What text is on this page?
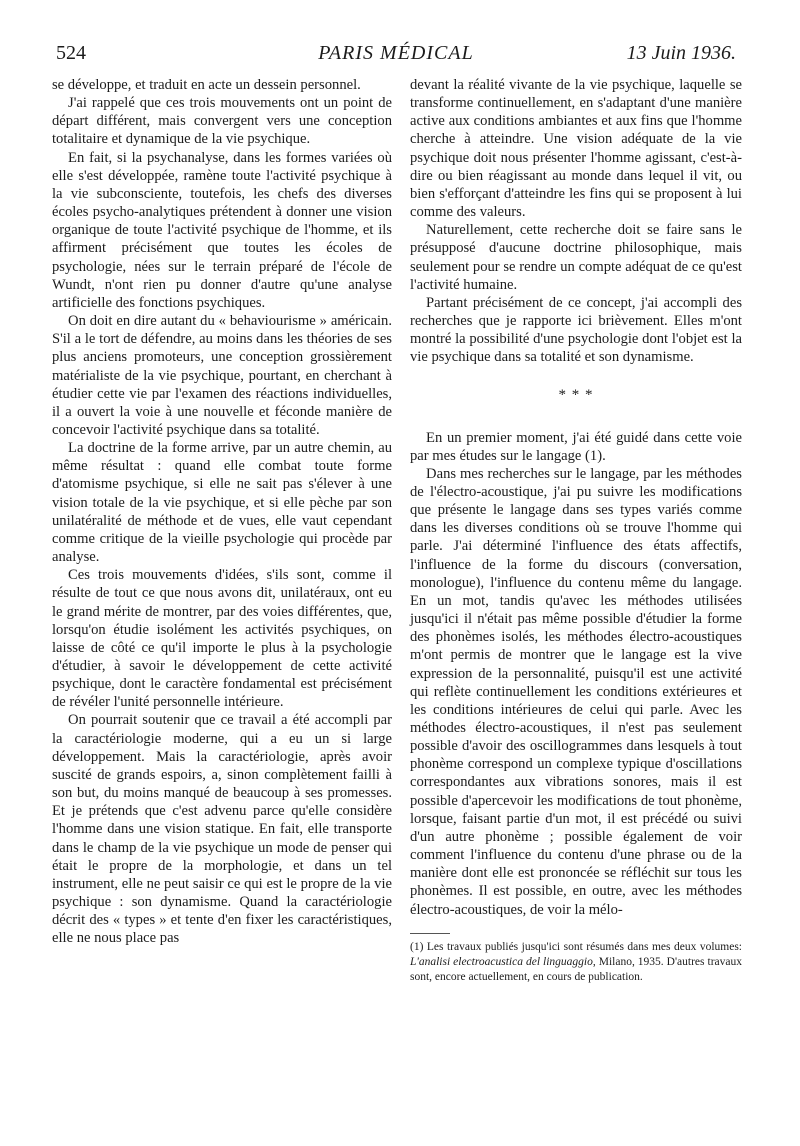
524	PARIS MÉDICAL	13 Juin 1936.

se développe, et traduit en acte un dessein personnel.

J'ai rappelé que ces trois mouvements ont un point de départ différent, mais convergent vers une conception totalitaire et dynamique de la vie psychique.

En fait, si la psychanalyse, dans les formes variées où elle s'est développée, ramène toute l'activité psychique à la vie subconsciente, toutefois, les chefs des diverses écoles psycho-analytiques prétendent à donner une vision organique de toute l'activité psychique de l'homme, et ils affirment précisément que toutes les écoles de psychologie, nées sur le terrain préparé de l'école de Wundt, n'ont rien pu donner d'autre qu'une analyse artificielle des fonctions psychiques.

On doit en dire autant du « behaviourisme » américain. S'il a le tort de défendre, au moins dans les théories de ses plus anciens promoteurs, une conception grossièrement matérialiste de la vie psychique, pourtant, en cherchant à étudier cette vie par l'examen des réactions individuelles, il a ouvert la voie à une nouvelle et féconde manière de concevoir l'activité psychique dans sa totalité.

La doctrine de la forme arrive, par un autre chemin, au même résultat : quand elle combat toute forme d'atomisme psychique, si elle ne sait pas s'élever à une vision totale de la vie psychique, et si elle pèche par son unilatéralité de méthode et de vues, elle vaut cependant comme critique de la vieille psychologie qui procède par analyse.

Ces trois mouvements d'idées, s'ils sont, comme il résulte de tout ce que nous avons dit, unilatéraux, ont eu le grand mérite de montrer, par des voies différentes, que, lorsqu'on étudie isolément les activités psychiques, on laisse de côté ce qu'il importe le plus à la psychologie d'étudier, à savoir le développement de cette activité psychique, dont le caractère fondamental est précisément de révéler l'unité personnelle intérieure.

On pourrait soutenir que ce travail a été accompli par la caractériologie moderne, qui a eu un si large développement. Mais la caractériologie, après avoir suscité de grands espoirs, a, sinon complètement failli à son but, du moins manqué de beaucoup à ses promesses. Et je prétends que c'est advenu parce qu'elle considère l'homme dans une vision statique. En fait, elle transporte dans le champ de la vie psychique un mode de penser qui était le propre de la morphologie, et dans un tel instrument, elle ne peut saisir ce qui est le propre de la vie psychique : son dynamisme. Quand la caractériologie décrit des « types » et tente d'en fixer les caractéristiques, elle ne nous place pas

devant la réalité vivante de la vie psychique, laquelle se transforme continuellement, en s'adaptant d'une manière active aux conditions ambiantes et aux fins que l'homme cherche à atteindre. Une vision adéquate de la vie psychique doit nous présenter l'homme agissant, c'est-à-dire ou bien réagissant au monde dans lequel il vit, ou bien s'efforçant d'atteindre les fins qui se proposent à lui comme des valeurs.

Naturellement, cette recherche doit se faire sans le présupposé d'aucune doctrine philosophique, mais seulement pour se rendre un compte adéquat de ce qu'est l'activité humaine.

Partant précisément de ce concept, j'ai accompli des recherches que je rapporte ici brièvement. Elles m'ont montré la possibilité d'une psychologie dont l'objet est la vie psychique dans sa totalité et son dynamisme.

* * *

En un premier moment, j'ai été guidé dans cette voie par mes études sur le langage (1).

Dans mes recherches sur le langage, par les méthodes de l'électro-acoustique, j'ai pu suivre les modifications que présente le langage dans ses types variés comme dans les diverses conditions où se trouve l'homme qui parle. J'ai déterminé l'influence des états affectifs, l'influence de la forme du discours (conversation, monologue), l'influence du contenu même du langage. En un mot, tandis qu'avec les méthodes utilisées jusqu'ici il n'était pas même possible d'étudier la forme des phonèmes isolés, les méthodes électro-acoustiques m'ont permis de montrer que le langage est la vive expression de la personnalité, puisqu'il est une activité qui reflète continuellement les conditions extérieures et les conditions intérieures de celui qui parle. Avec les méthodes électro-acoustiques, il n'est pas seulement possible d'avoir des oscillogrammes dans lesquels à tout phonème correspond un complexe typique d'oscillations correspondantes aux vibrations sonores, mais il est possible d'apercevoir les modifications de tout phonème, lorsque, faisant partie d'un mot, il est précédé ou suivi d'un autre phonème ; possible également de voir comment l'influence du contenu d'une phrase ou de la manière dont elle est prononcée se réfléchit sur tous les phonèmes. Il est possible, en outre, avec les méthodes électro-acoustiques, de voir la mélo-

(1) Les travaux publiés jusqu'ici sont résumés dans mes deux volumes: L'analisi electroacustica del linguaggio, Milano, 1935. D'autres travaux sont, encore actuellement, en cours de publication.
